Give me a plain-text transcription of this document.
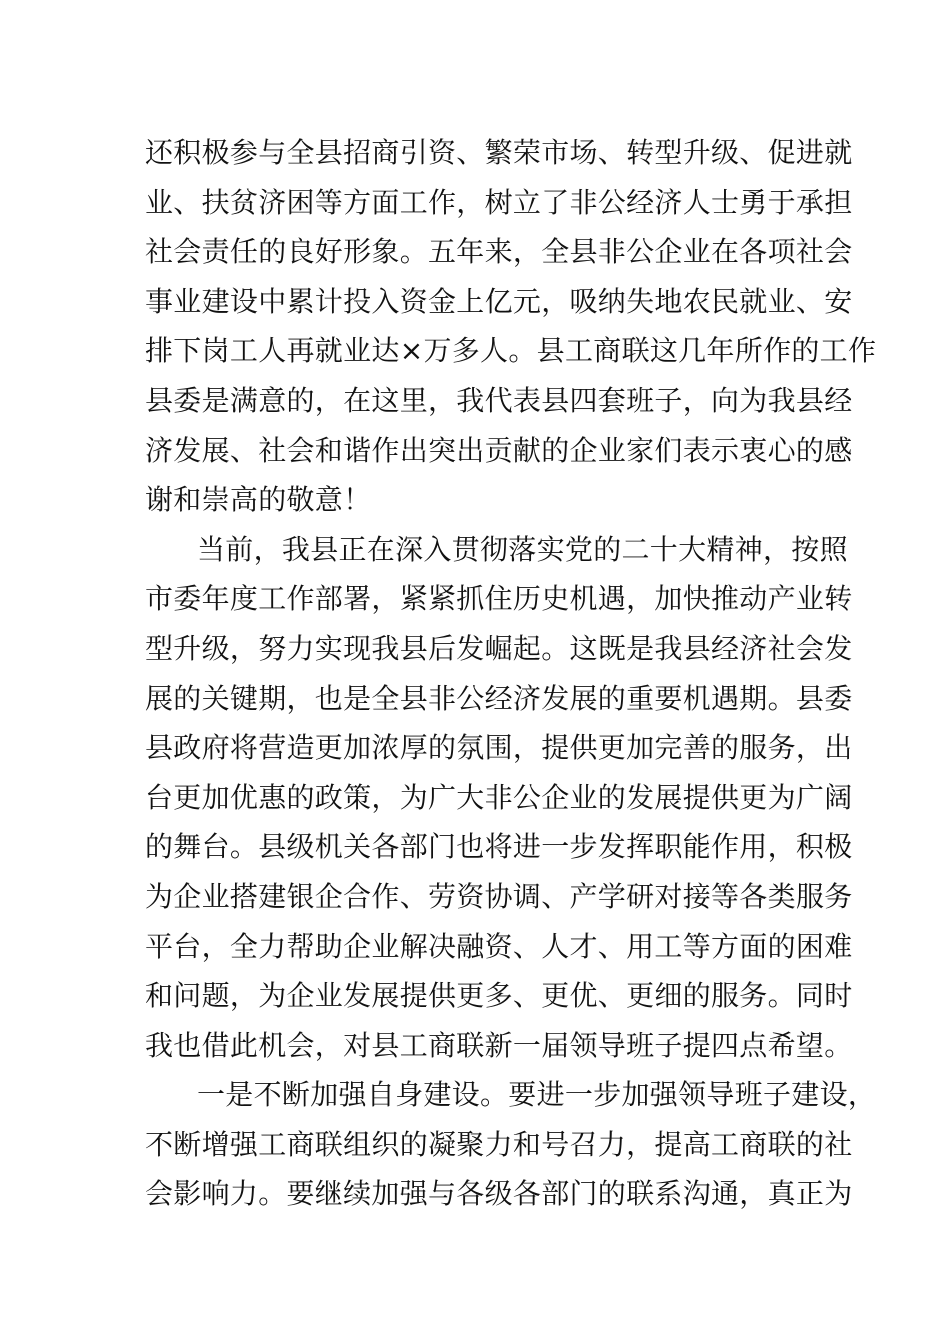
还积极参与全县招商引资、繁荣市场、转型升级、促进就
业、扶贫济困等方面工作，树立了非公经济人士勇于承担
社会责任的良好形象。五年来，全县非公企业在各项社会
事业建设中累计投入资金上亿元，吸纳失地农民就业、安
排下岗工人再就业达×万多人。县工商联这几年所作的工作
县委是满意的，在这里，我代表县四套班子，向为我县经
济发展、社会和谐作出突出贡献的企业家们表示衷心的感
谢和崇高的敬意！
当前，我县正在深入贯彻落实党的二十大精神，按照
市委年度工作部署，紧紧抓住历史机遇，加快推动产业转
型升级，努力实现我县后发崛起。这既是我县经济社会发
展的关键期，也是全县非公经济发展的重要机遇期。县委
县政府将营造更加浓厚的氛围，提供更加完善的服务，出
台更加优惠的政策，为广大非公企业的发展提供更为广阔
的舞台。县级机关各部门也将进一步发挥职能作用，积极
为企业搭建银企合作、劳资协调、产学研对接等各类服务
平台，全力帮助企业解决融资、人才、用工等方面的困难
和问题，为企业发展提供更多、更优、更细的服务。同时
我也借此机会，对县工商联新一届领导班子提四点希望。
一是不断加强自身建设。要进一步加强领导班子建设，
不断增强工商联组织的凝聚力和号召力，提高工商联的社
会影响力。要继续加强与各级各部门的联系沟通，真正为
